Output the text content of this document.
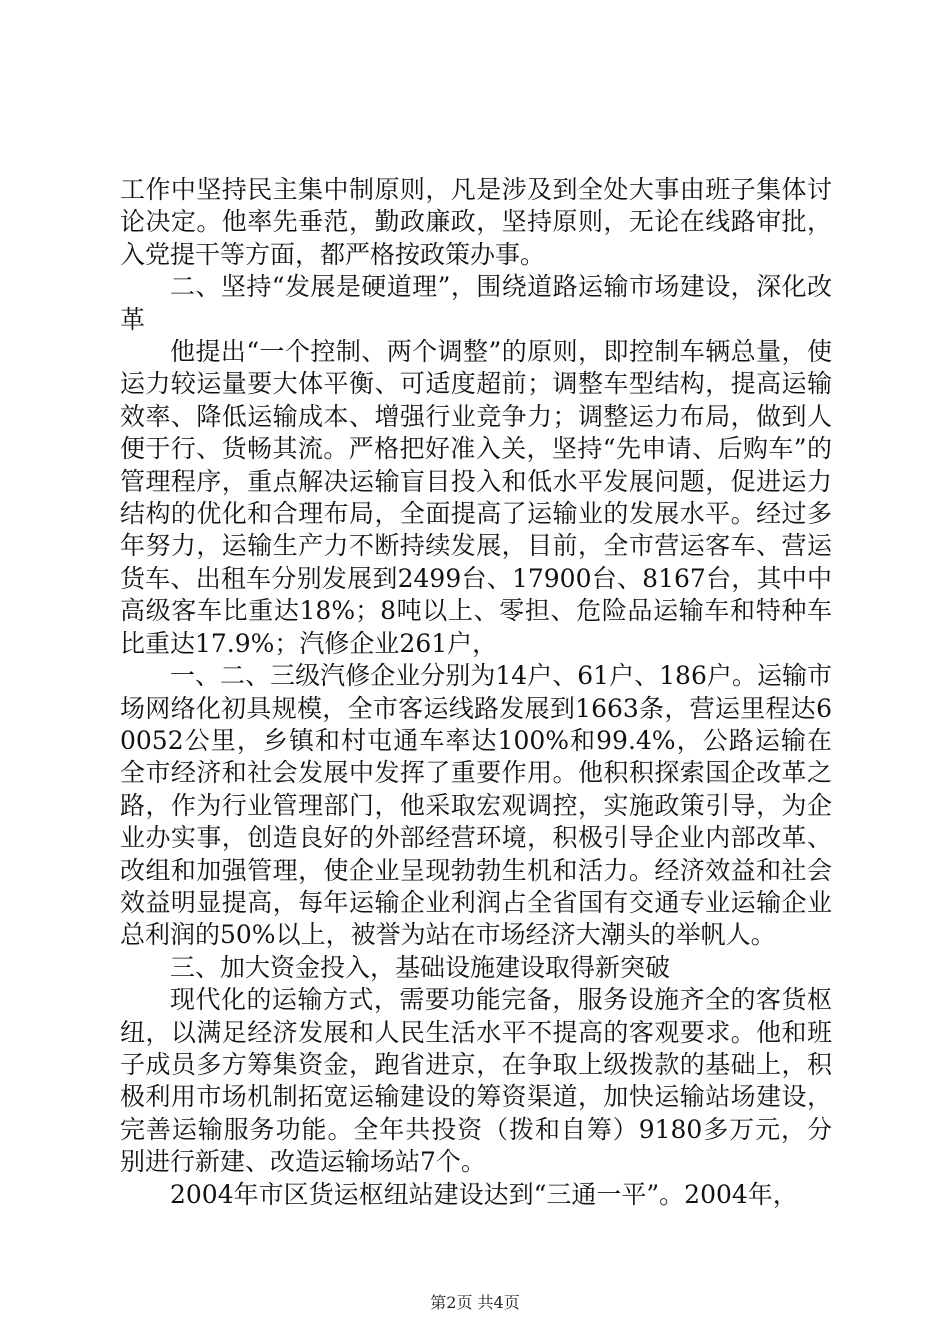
工作中坚持民主集中制原则，凡是涉及到全处大事由班子集体讨论决定。他率先垂范，勤政廉政，坚持原则，无论在线路审批，入党提干等方面，都严格按政策办事。

二、坚持“发展是硬道理”，围绕道路运输市场建设，深化改革

他提出“一个控制、两个调整”的原则，即控制车辆总量，使运力较运量要大体平衡、可适度超前；调整车型结构，提高运输效率、降低运输成本、增强行业竞争力；调整运力布局，做到人便于行、货畅其流。严格把好准入关，坚持“先申请、后购车”的管理程序，重点解决运输盲目投入和低水平发展问题，促进运力结构的优化和合理布局，全面提高了运输业的发展水平。经过多年努力，运输生产力不断持续发展，目前，全市营运客车、营运货车、出租车分别发展到2499台、17900台、8167台，其中中高级客车比重达18%；8吨以上、零担、危险品运输车和特种车比重达17.9%；汽修企业261户，

一、二、三级汽修企业分别为14户、61户、186户。运输市场网络化初具规模，全市客运线路发展到1663条，营运里程达60052公里，乡镇和村屯通车率达100%和99.4%，公路运输在全市经济和社会发展中发挥了重要作用。他积积探索国企改革之路，作为行业管理部门，他采取宏观调控，实施政策引导，为企业办实事，创造良好的外部经营环境，积极引导企业内部改革、改组和加强管理，使企业呈现勃勃生机和活力。经济效益和社会效益明显提高，每年运输企业利润占全省国有交通专业运输企业总利润的50%以上，被誉为站在市场经济大潮头的举帆人。

三、加大资金投入，基础设施建设取得新突破

现代化的运输方式，需要功能完备，服务设施齐全的客货枢纽，以满足经济发展和人民生活水平不提高的客观要求。他和班子成员多方筹集资金，跑省进京，在争取上级拨款的基础上，积极利用市场机制拓宽运输建设的筹资渠道，加快运输站场建设，完善运输服务功能。全年共投资（拨和自筹）9180多万元，分别进行新建、改造运输场站7个。

2004年市区货运枢纽站建设达到“三通一平”。2004年，

第2页 共4页
